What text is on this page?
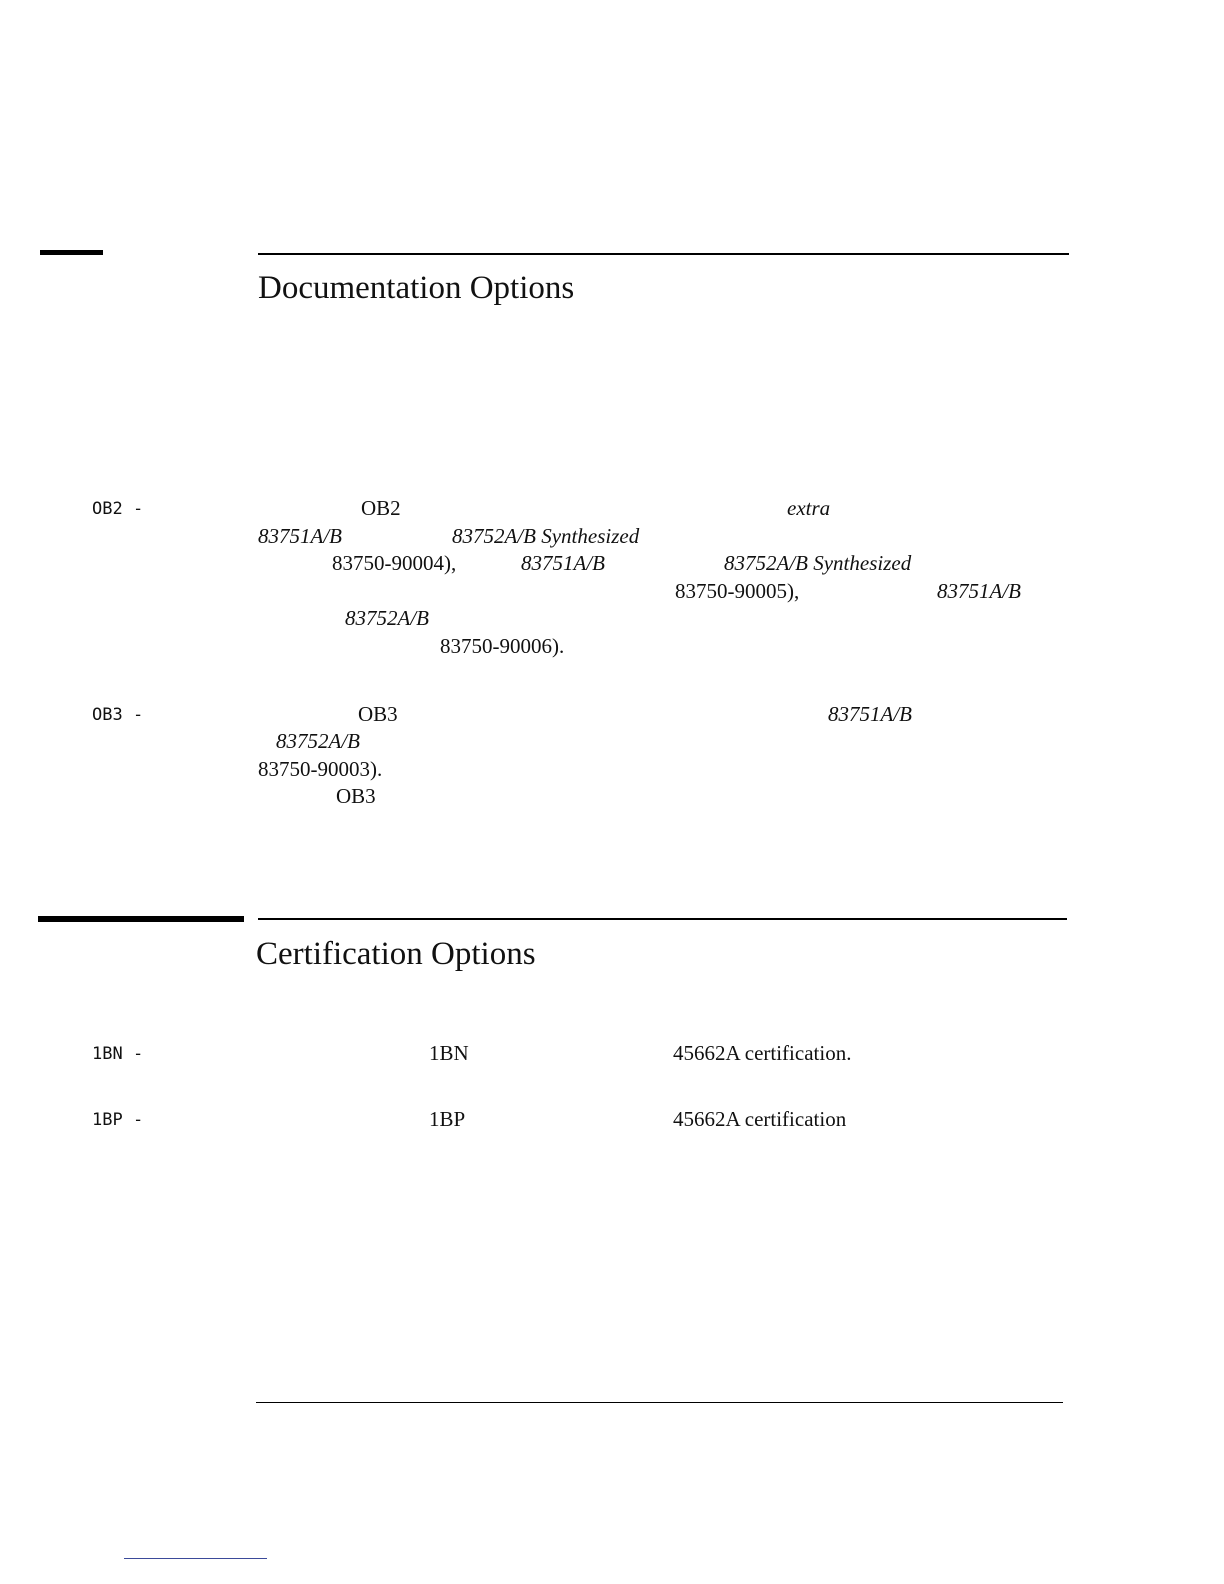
Documentation Options
OB2 -	OB2	extra
83751A/B	83752A/B Synthesized
83750-90004),	83751A/B	83752A/B Synthesized
83750-90005),	83751A/B
83752A/B
83750-90006).
OB3 -	OB3	83751A/B
83752A/B
83750-90003).
OB3
Certification Options
1BN -	1BN	45662A certification.
1BP -	1BP	45662A certification
